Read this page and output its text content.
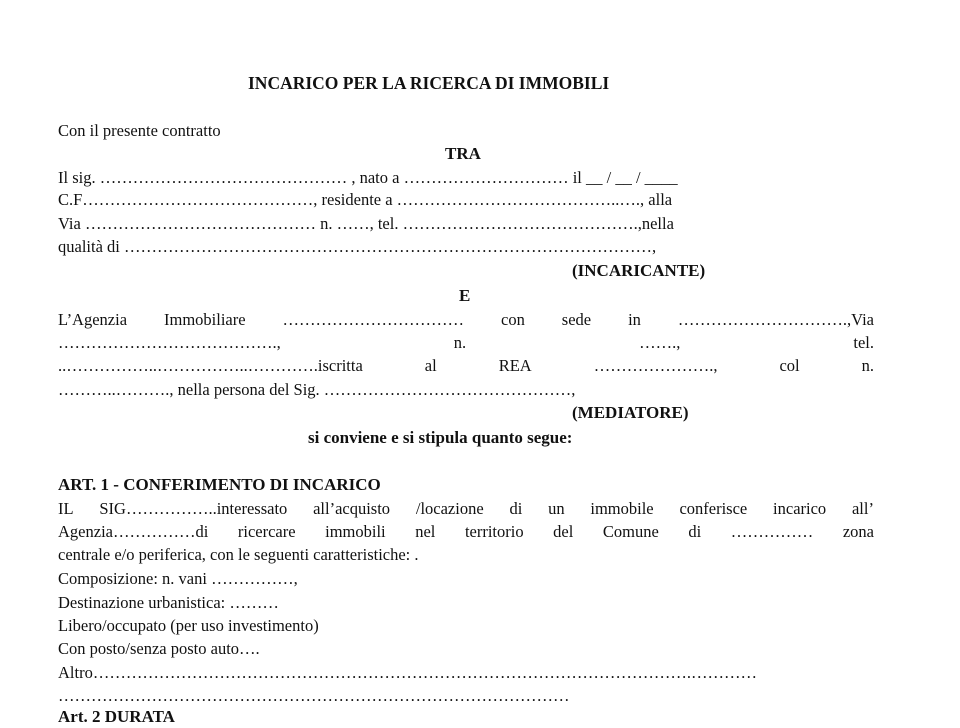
INCARICO PER LA RICERCA DI IMMOBILI
Con il presente contratto
TRA
Il sig. ……………………………………… , nato a ………………………… il __ / __ / ____
C.F……………………………………, residente a …………………………………..…., alla
Via …………………………………… n. ……, tel. …………………………………….,nella
qualità di ……………………………………………………………………………………,
(INCARICANTE)
E
L’Agenzia Immobiliare …………………………… con sede in ………………………….,Via
………………………………….,	n.	…….,	tel.
..……………..……………..………….iscritta	al	REA	………………….,	col	n.
………..………., nella persona del Sig. ………………………………………,
(MEDIATORE)
si conviene e si stipula quanto segue:
ART. 1 - CONFERIMENTO DI INCARICO
IL SIG……………..interessato all’acquisto /locazione di un immobile conferisce incarico all’
Agenzia……………di ricercare immobili nel territorio del Comune di …………… zona
centrale e/o periferica, con le seguenti caratteristiche: .
Composizione: n. vani ……………,
Destinazione urbanistica: ………
Libero/occupato (per uso investimento)
Con posto/senza posto auto….
Altro……………………………………………………………………………………………….…………
…………………………………………………………………………………
Art. 2 DURATA
